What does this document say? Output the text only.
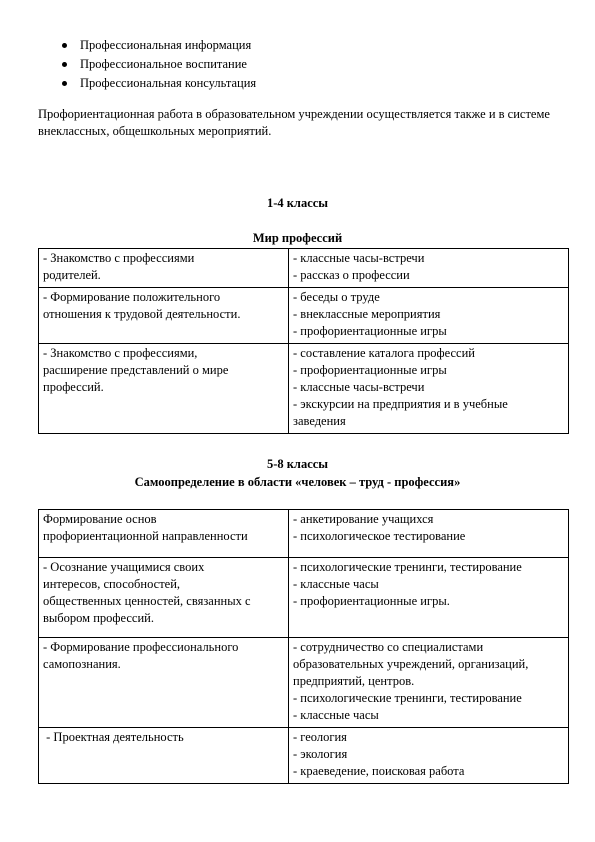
Профессиональная информация
Профессиональное воспитание
Профессиональная консультация
Профориентационная работа в образовательном учреждении осуществляется также и в системе внеклассных, общешкольных мероприятий.
1-4 классы
Мир профессий
- Знакомство с профессиями
родителей.	- классные часы-встречи
- рассказ о профессии

- Формирование положительного
отношения к трудовой деятельности.	- беседы о труде
- внеклассные мероприятия
- профориентационные игры

- Знакомство с профессиями,
расширение представлений о мире
профессий.	- составление каталога профессий
- профориентационные игры
- классные часы-встречи
- экскурсии на предприятия и в учебные
заведения
5-8 классы
Самоопределение в области «человек – труд - профессия»
Формирование основ
профориентационной направленности	- анкетирование учащихся
- психологическое тестирование

- Осознание учащимися своих
интересов, способностей,
общественных ценностей, связанных с
выбором профессий.	- психологические тренинги, тестирование
- классные часы
- профориентационные игры.

- Формирование профессионального
самопознания.	- сотрудничество со специалистами
образовательных учреждений, организаций,
предприятий, центров.
- психологические тренинги, тестирование
- классные часы

- Проектная деятельность	- геология
- экология
- краеведение, поисковая работа
